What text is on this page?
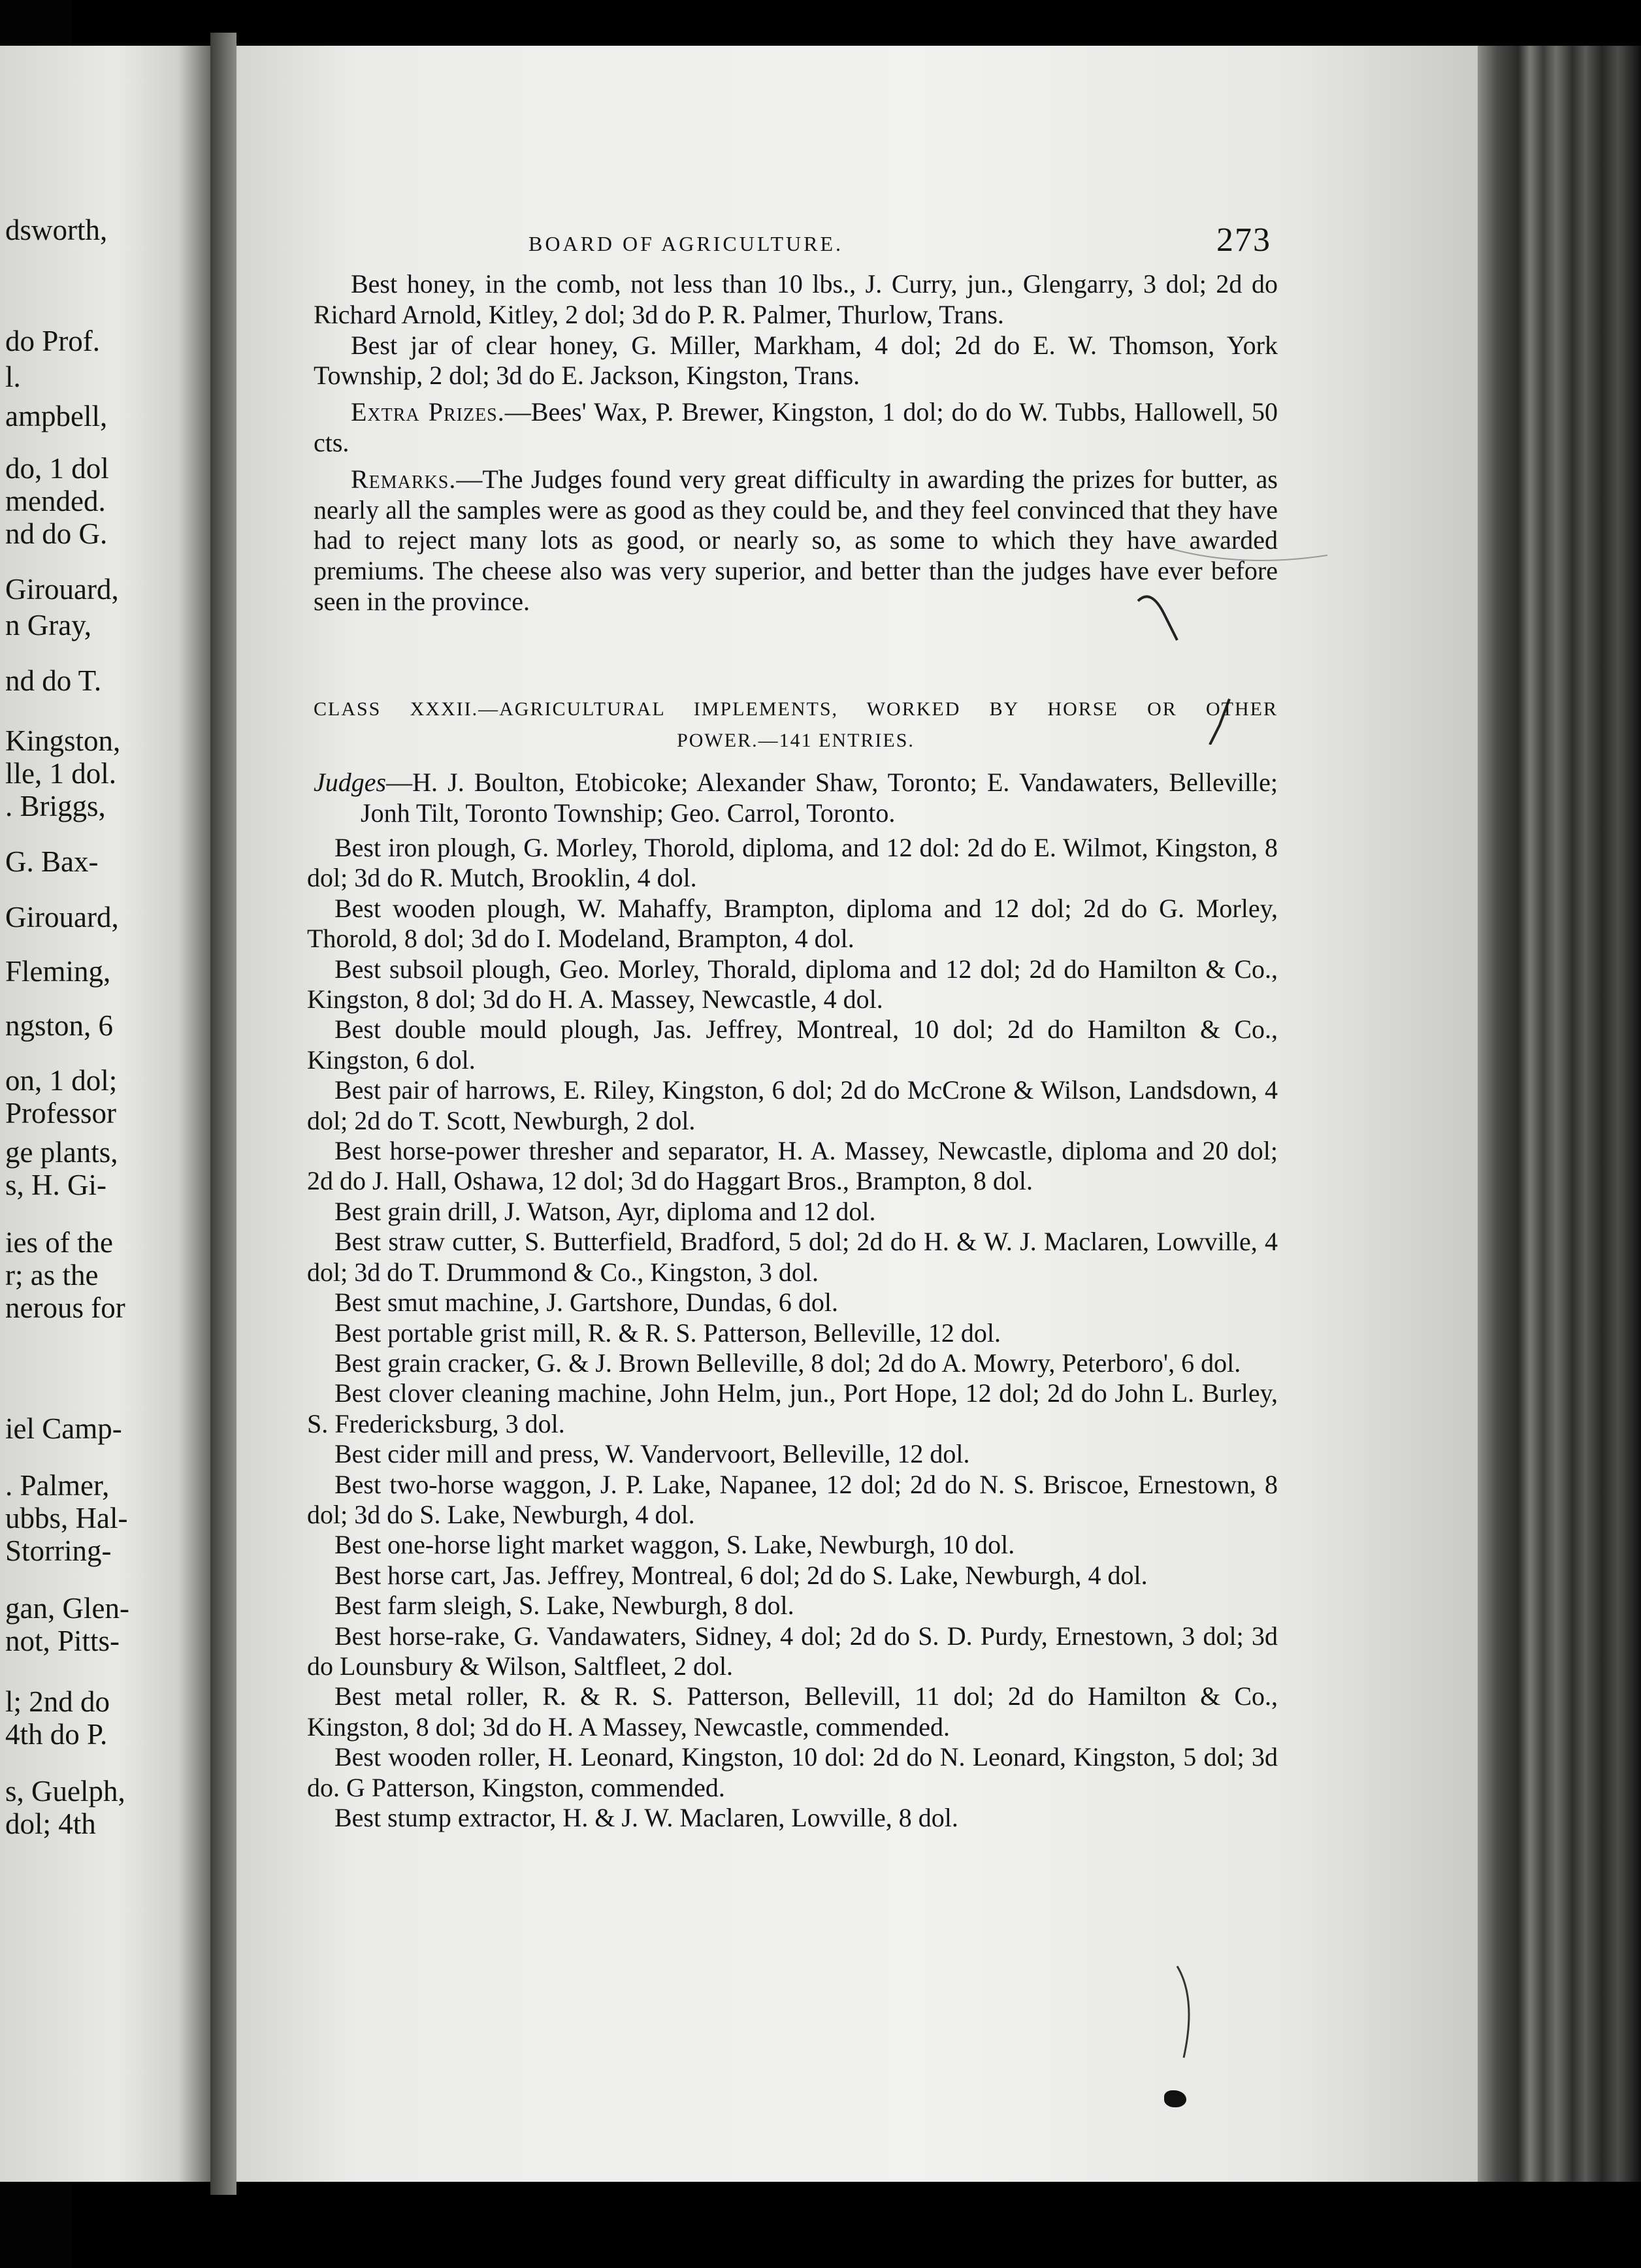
dsworth,
do Prof.
l.
ampbell,
do, 1 dol
mended.
nd do G.
Girouard,
n Gray,
nd do T.
Kingston,
lle, 1 dol.
. Briggs,
G. Bax-
Girouard,
Fleming,
ngston, 6
on, 1 dol;
Professor
ge plants,
s, H. Gi-
ies of the
r; as the
nerous for
iel Camp-
. Palmer,
ubbs, Hal-
Storring-
gan, Glen-
not, Pitts-
l; 2nd do
4th do P.
s, Guelph,
dol; 4th
BOARD OF AGRICULTURE.	273

Best honey, in the comb, not less than 10 lbs., J. Curry, jun., Glengarry, 3 dol; 2d do Richard Arnold, Kitley, 2 dol; 3d do P. R. Palmer, Thurlow, Trans.

Best jar of clear honey, G. Miller, Markham, 4 dol; 2d do E. W. Thomson, York Township, 2 dol; 3d do E. Jackson, Kingston, Trans.

Extra Prizes.—Bees' Wax, P. Brewer, Kingston, 1 dol; do do W. Tubbs, Hallowell, 50 cts.

Remarks.—The Judges found very great difficulty in awarding the prizes for butter, as nearly all the samples were as good as they could be, and they feel convinced that they have had to reject many lots as good, or nearly so, as some to which they have awarded premiums. The cheese also was very superior, and better than the judges have ever before seen in the province.

CLASS XXXII.—AGRICULTURAL IMPLEMENTS, WORKED BY HORSE OR OTHER
POWER.—141 ENTRIES.

Judges—H. J. Boulton, Etobicoke; Alexander Shaw, Toronto; E. Vandawaters, Belleville; Jonh Tilt, Toronto Township; Geo. Carrol, Toronto.

Best iron plough, G. Morley, Thorold, diploma, and 12 dol: 2d do E. Wilmot, Kingston, 8 dol; 3d do R. Mutch, Brooklin, 4 dol.

Best wooden plough, W. Mahaffy, Brampton, diploma and 12 dol; 2d do G. Morley, Thorold, 8 dol; 3d do I. Modeland, Brampton, 4 dol.

Best subsoil plough, Geo. Morley, Thorald, diploma and 12 dol; 2d do Hamilton & Co., Kingston, 8 dol; 3d do H. A. Massey, Newcastle, 4 dol.

Best double mould plough, Jas. Jeffrey, Montreal, 10 dol; 2d do Hamilton & Co., Kingston, 6 dol.

Best pair of harrows, E. Riley, Kingston, 6 dol; 2d do McCrone & Wilson, Landsdown, 4 dol; 2d do T. Scott, Newburgh, 2 dol.

Best horse-power thresher and separator, H. A. Massey, Newcastle, diploma and 20 dol; 2d do J. Hall, Oshawa, 12 dol; 3d do Haggart Bros., Brampton, 8 dol.

Best grain drill, J. Watson, Ayr, diploma and 12 dol.

Best straw cutter, S. Butterfield, Bradford, 5 dol; 2d do H. & W. J. Maclaren, Lowville, 4 dol; 3d do T. Drummond & Co., Kingston, 3 dol.

Best smut machine, J. Gartshore, Dundas, 6 dol.

Best portable grist mill, R. & R. S. Patterson, Belleville, 12 dol.

Best grain cracker, G. & J. Brown Belleville, 8 dol; 2d do A. Mowry, Peterboro', 6 dol.

Best clover cleaning machine, John Helm, jun., Port Hope, 12 dol; 2d do John L. Burley, S. Fredericksburg, 3 dol.

Best cider mill and press, W. Vandervoort, Belleville, 12 dol.

Best two-horse waggon, J. P. Lake, Napanee, 12 dol; 2d do N. S. Briscoe, Ernestown, 8 dol; 3d do S. Lake, Newburgh, 4 dol.

Best one-horse light market waggon, S. Lake, Newburgh, 10 dol.

Best horse cart, Jas. Jeffrey, Montreal, 6 dol; 2d do S. Lake, Newburgh, 4 dol.

Best farm sleigh, S. Lake, Newburgh, 8 dol.

Best horse-rake, G. Vandawaters, Sidney, 4 dol; 2d do S. D. Purdy, Ernestown, 3 dol; 3d do Lounsbury & Wilson, Saltfleet, 2 dol.

Best metal roller, R. & R. S. Patterson, Bellevill, 11 dol; 2d do Hamilton & Co., Kingston, 8 dol; 3d do H. A Massey, Newcastle, commended.

Best wooden roller, H. Leonard, Kingston, 10 dol: 2d do N. Leonard, Kingston, 5 dol; 3d do. G Patterson, Kingston, commended.

Best stump extractor, H. & J. W. Maclaren, Lowville, 8 dol.
